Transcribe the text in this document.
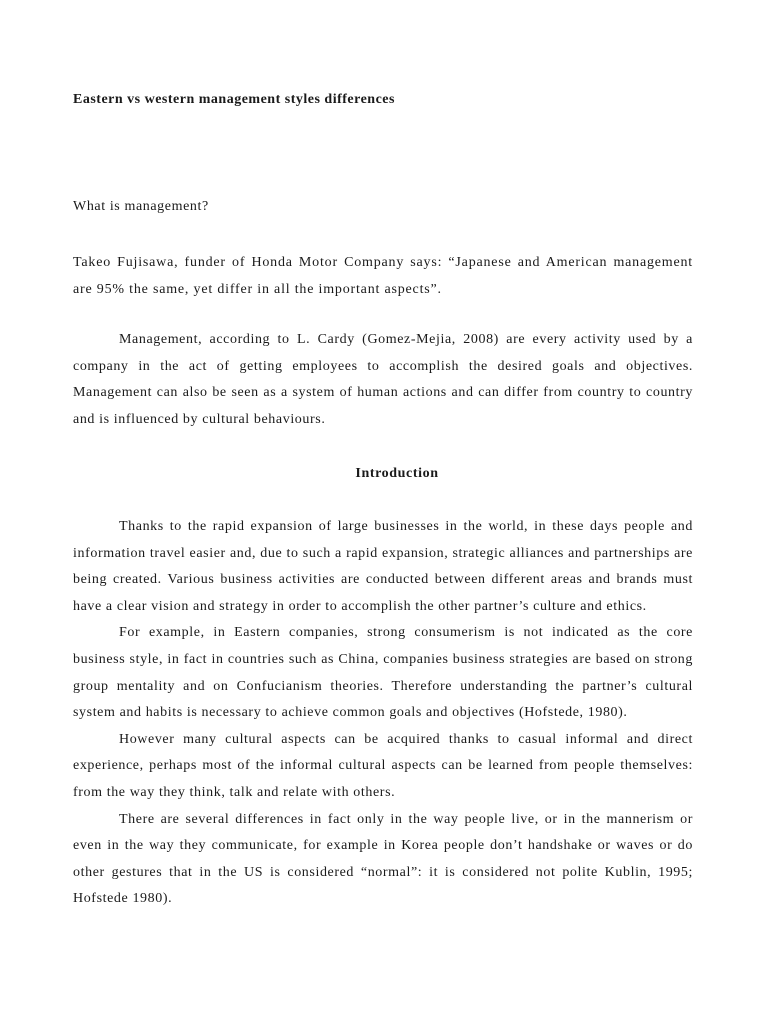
Eastern vs western management styles differences

What is management?

Takeo Fujisawa, funder of Honda Motor Company says: “Japanese and American management are 95% the same, yet differ in all the important aspects”.

Management, according to L. Cardy (Gomez-Mejia, 2008) are every activity used by a company in the act of getting employees to accomplish the desired goals and objectives. Management can also be seen as a system of human actions and can differ from country to country and is influenced by cultural behaviours.

Introduction

Thanks to the rapid expansion of large businesses in the world, in these days people and information travel easier and, due to such a rapid expansion, strategic alliances and partnerships are being created. Various business activities are conducted between different areas and brands must have a clear vision and strategy in order to accomplish the other partner’s culture and ethics.

For example, in Eastern companies, strong consumerism is not indicated as the core business style, in fact in countries such as China, companies business strategies are based on strong group mentality and on Confucianism theories. Therefore understanding the partner’s cultural system and habits is necessary to achieve common goals and objectives (Hofstede, 1980).

However many cultural aspects can be acquired thanks to casual informal and direct experience, perhaps most of the informal cultural aspects can be learned from people themselves: from the way they think, talk and relate with others.

There are several differences in fact only in the way people live, or in the mannerism or even in the way they communicate, for example in Korea people don’t handshake or waves or do other gestures that in the US is considered “normal”: it is considered not polite Kublin, 1995; Hofstede 1980).
